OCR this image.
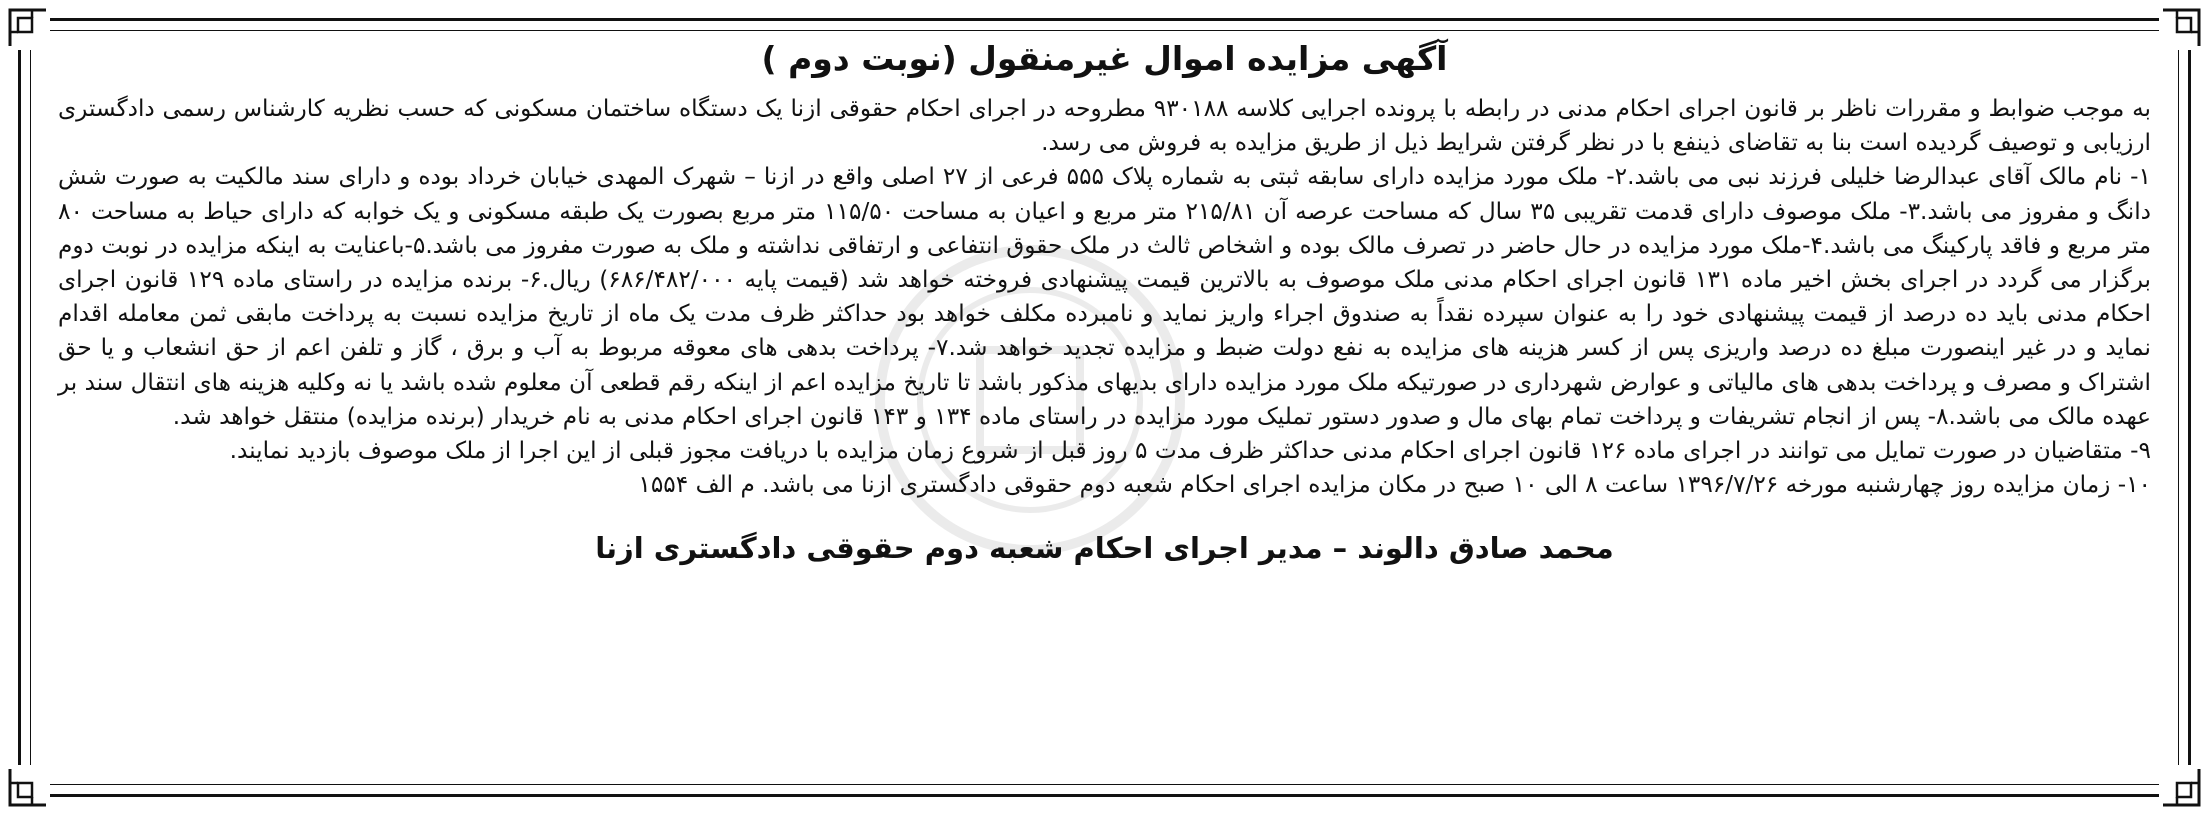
آگهی مزایده اموال غیرمنقول (نوبت دوم )

به موجب ضوابط و مقررات ناظر بر قانون اجرای احکام مدنی در رابطه با پرونده اجرایی کلاسه ۹۳۰۱۸۸ مطروحه در اجرای احکام حقوقی ازنا یک دستگاه ساختمان مسکونی که حسب نظریه کارشناس رسمی دادگستری ارزیابی و توصیف گردیده است بنا به تقاضای ذینفع با در نظر گرفتن شرایط ذیل از طریق مزایده به فروش می رسد.

۱- نام مالک آقای عبدالرضا خلیلی فرزند نبی می باشد.۲- ملک مورد مزایده دارای سابقه ثبتی به شماره پلاک ۵۵۵ فرعی از ۲۷ اصلی واقع در ازنا – شهرک المهدی خیابان خرداد بوده و دارای سند مالکیت به صورت شش دانگ و مفروز می باشد.۳- ملک موصوف دارای قدمت تقریبی ۳۵ سال که مساحت عرصه آن ۲۱۵/۸۱ متر مربع و اعیان به مساحت ۱۱۵/۵۰ متر مربع بصورت یک طبقه مسکونی و یک خوابه که دارای حیاط به مساحت ۸۰ متر مربع و فاقد پارکینگ می باشد.۴-ملک مورد مزایده در حال حاضر در تصرف مالک بوده و اشخاص ثالث در ملک حقوق انتفاعی و ارتفاقی نداشته و ملک به صورت مفروز می باشد.۵-باعنایت به اینکه مزایده در نوبت دوم برگزار می گردد در اجرای بخش اخیر ماده ۱۳۱ قانون اجرای احکام مدنی ملک موصوف به بالاترین قیمت پیشنهادی فروخته خواهد شد (قیمت پایه ۶۸۶/۴۸۲/۰۰۰) ریال.۶- برنده مزایده در راستای ماده ۱۲۹ قانون اجرای احکام مدنی باید ده درصد از قیمت پیشنهادی خود را به عنوان سپرده نقداً به صندوق اجراء واریز نماید و نامبرده مکلف خواهد بود حداکثر ظرف مدت یک ماه از تاریخ مزایده نسبت به پرداخت مابقی ثمن معامله اقدام نماید و در غیر اینصورت مبلغ ده درصد واریزی پس از کسر هزینه های مزایده به نفع دولت ضبط و مزایده تجدید خواهد شد.۷- پرداخت بدهی های معوقه مربوط به آب و برق ، گاز و تلفن اعم از حق انشعاب و یا حق اشتراک و مصرف و پرداخت بدهی های مالیاتی و عوارض شهرداری در صورتیکه ملک مورد مزایده دارای بدیهای مذکور باشد تا تاریخ مزایده اعم از اینکه رقم قطعی آن معلوم شده باشد یا نه وکلیه هزینه های انتقال سند بر عهده مالک می باشد.۸- پس از انجام تشریفات و پرداخت تمام بهای مال و صدور دستور تملیک مورد مزایده در راستای ماده ۱۳۴ و ۱۴۳ قانون اجرای احکام مدنی به نام خریدار (برنده مزایده) منتقل خواهد شد.

۹- متقاضیان در صورت تمایل می توانند در اجرای ماده ۱۲۶ قانون اجرای احکام مدنی حداکثر ظرف مدت ۵ روز قبل از شروع زمان مزایده با دریافت مجوز قبلی از این اجرا از ملک موصوف بازدید نمایند.

۱۰- زمان مزایده روز چهارشنبه مورخه ۱۳۹۶/۷/۲۶ ساعت ۸ الی ۱۰ صبح در مکان مزایده اجرای احکام شعبه دوم حقوقی دادگستری ازنا می باشد. م الف ۱۵۵۴

محمد صادق دالوند – مدیر اجرای احکام شعبه دوم حقوقی دادگستری ازنا
